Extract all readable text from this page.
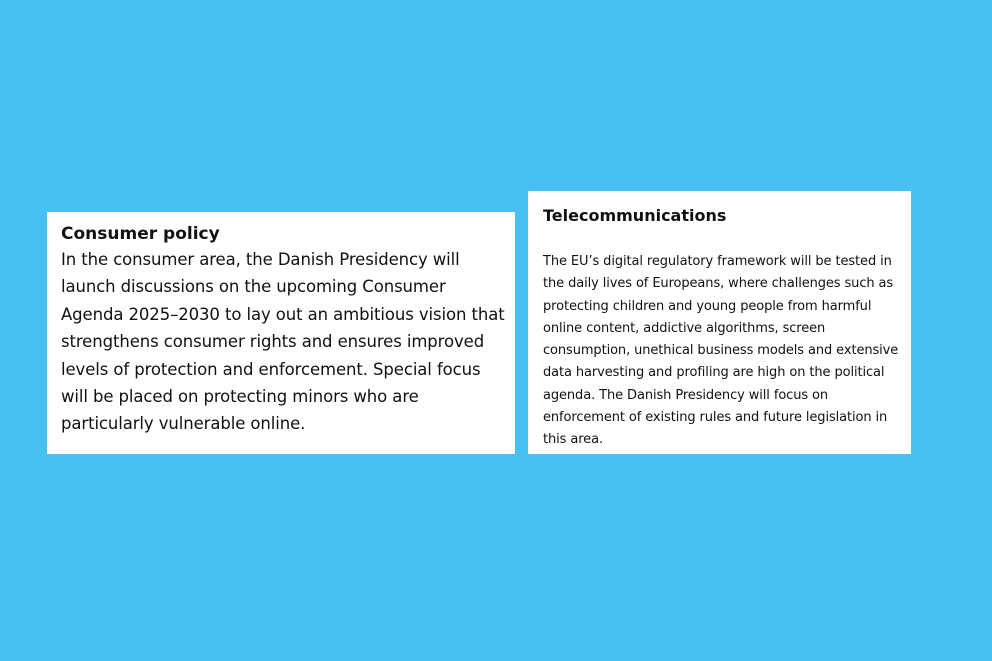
Consumer policy

In the consumer area, the Danish Presidency will launch discussions on the upcoming Consumer Agenda 2025–2030 to lay out an ambitious vision that strengthens consumer rights and ensures improved levels of protection and enforcement. Special focus will be placed on protecting minors who are particularly vulnerable online.

Telecommunications

The EU’s digital regulatory framework will be tested in the daily lives of Europeans, where challenges such as protecting children and young people from harmful online content, addictive algorithms, screen consumption, unethical business models and extensive data harvesting and profiling are high on the political agenda. The Danish Presidency will focus on enforcement of existing rules and future legislation in this area.
